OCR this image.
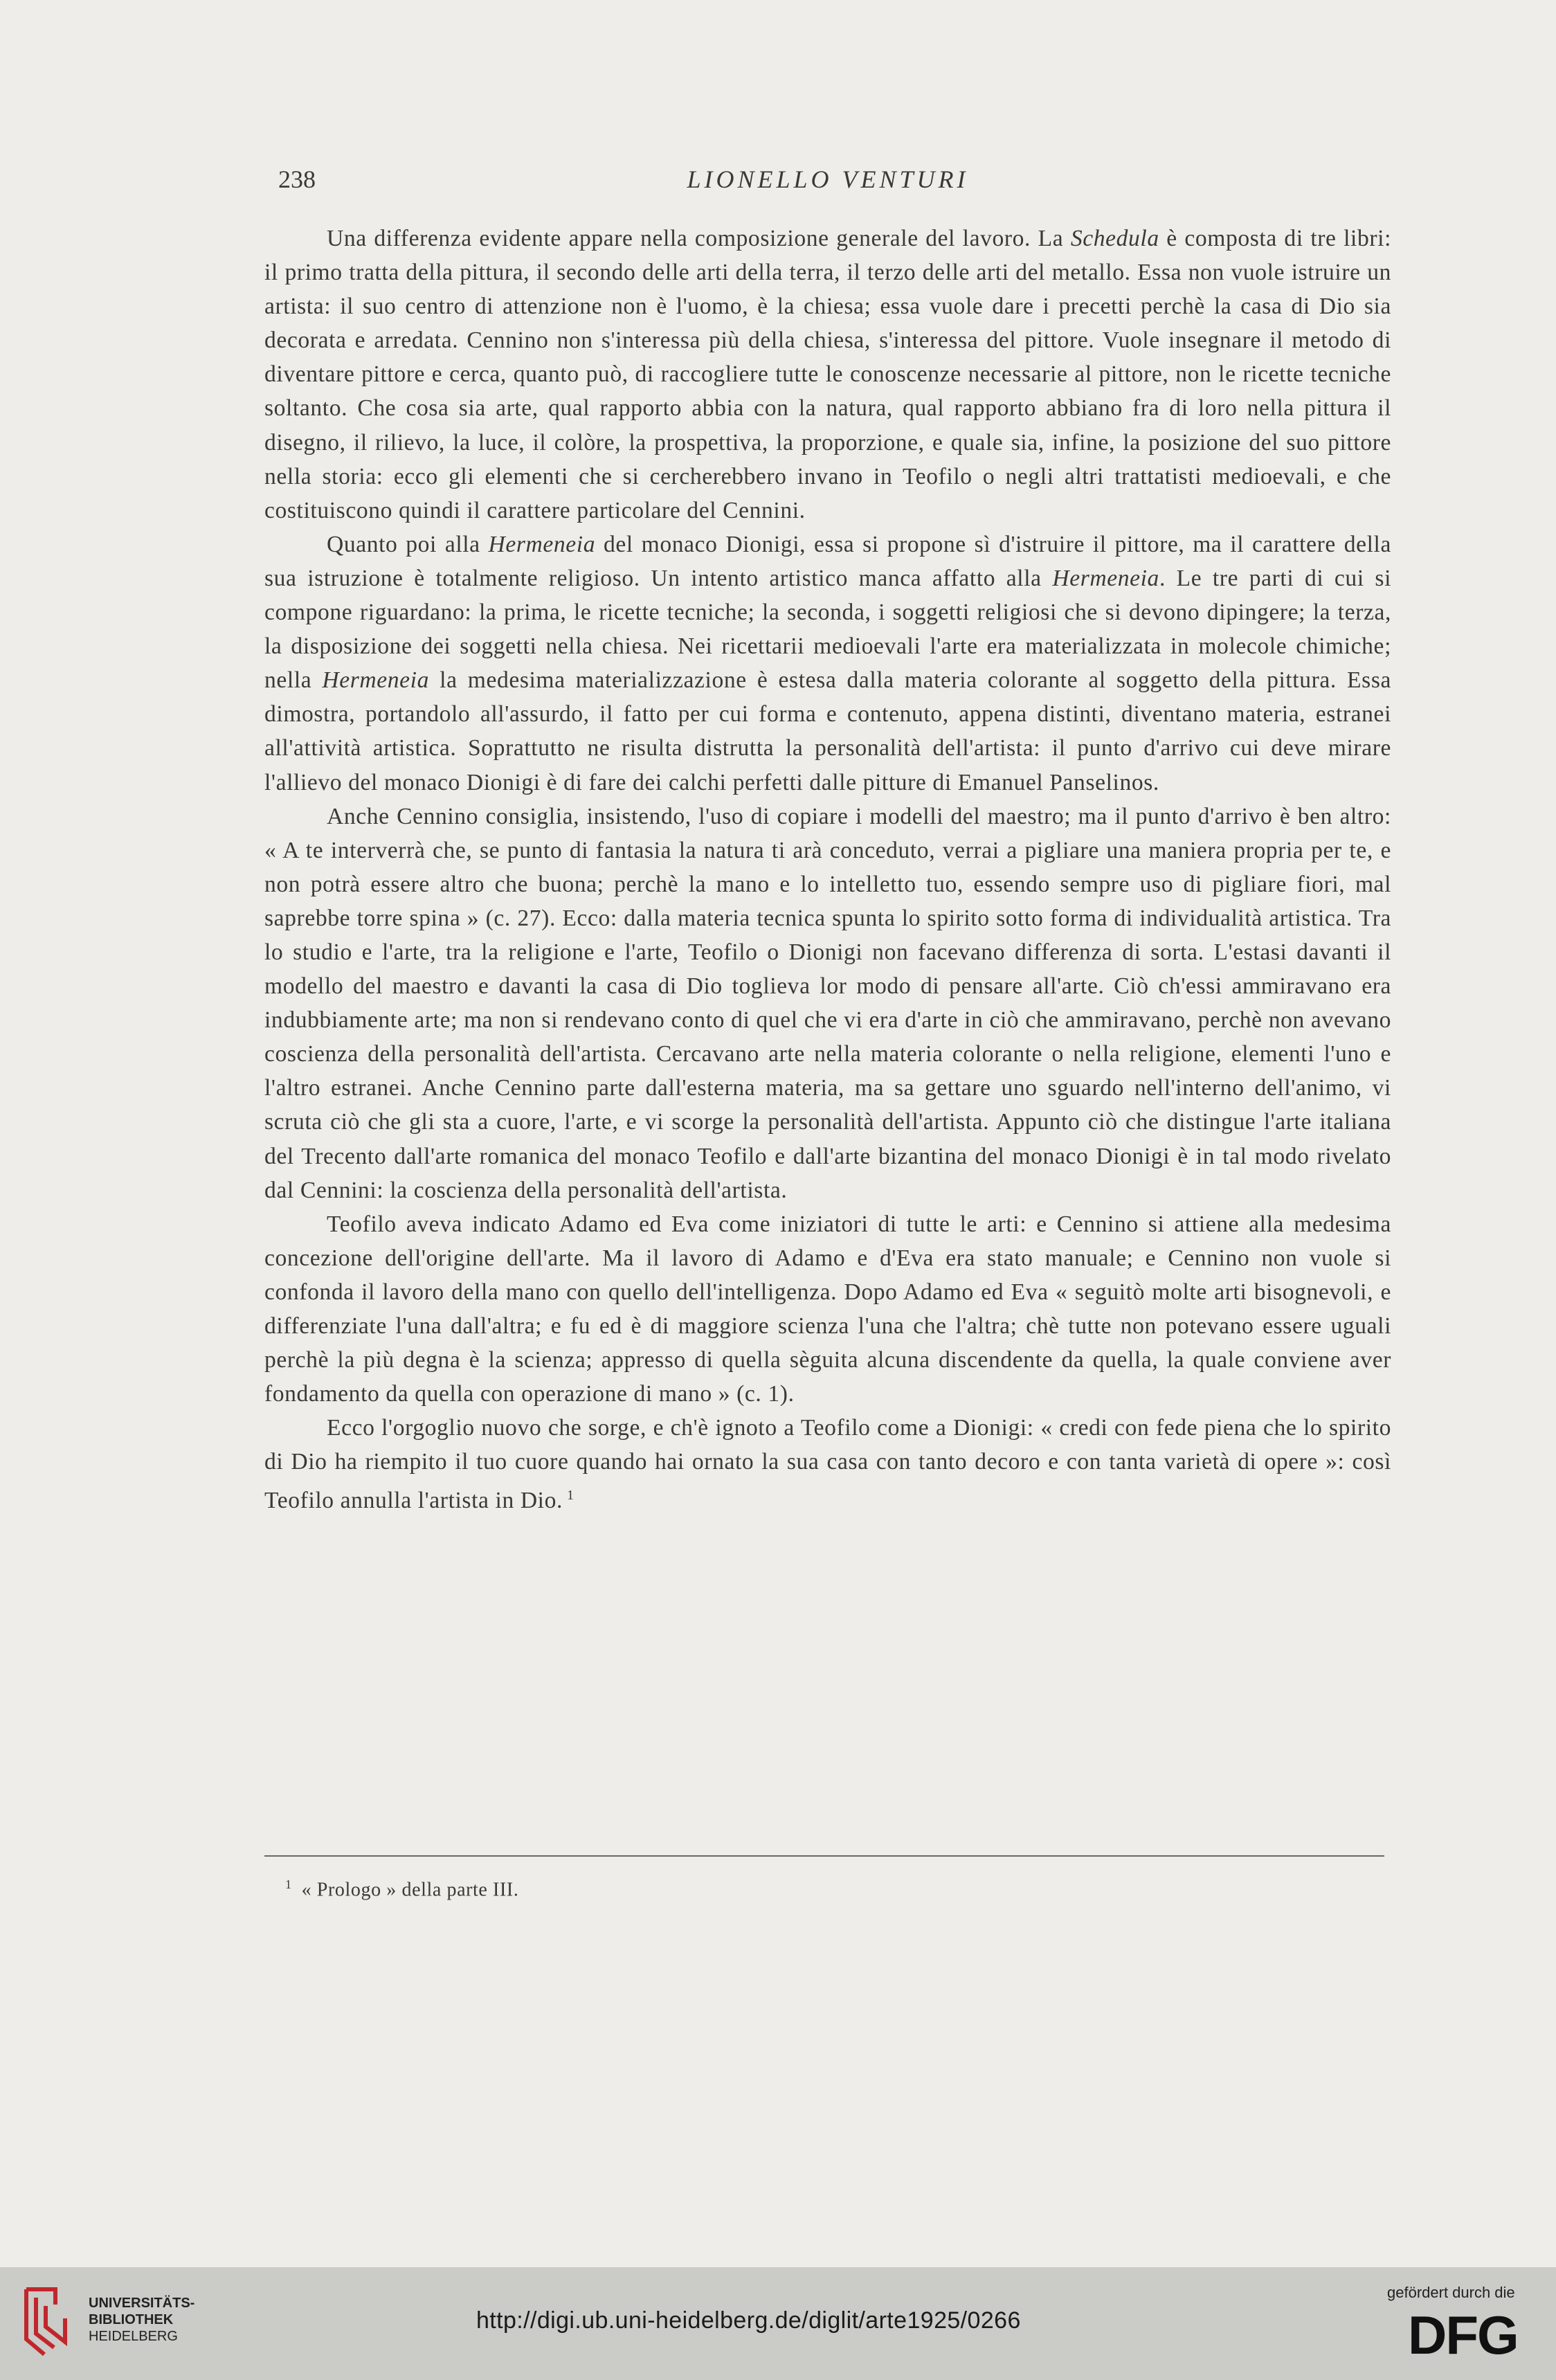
238	LIONELLO VENTURI

Una differenza evidente appare nella composizione generale del lavoro. La Schedula è composta di tre libri: il primo tratta della pittura, il secondo delle arti della terra, il terzo delle arti del metallo. Essa non vuole istruire un artista: il suo centro di attenzione non è l'uomo, è la chiesa; essa vuole dare i precetti perchè la casa di Dio sia decorata e arredata. Cennino non s'interessa più della chiesa, s'interessa del pittore. Vuole insegnare il metodo di diventare pittore e cerca, quanto può, di raccogliere tutte le conoscenze necessarie al pittore, non le ricette tecniche soltanto. Che cosa sia arte, qual rapporto abbia con la natura, qual rapporto abbiano fra di loro nella pittura il disegno, il rilievo, la luce, il colòre, la prospettiva, la proporzione, e quale sia, infine, la posizione del suo pittore nella storia: ecco gli elementi che si cercherebbero invano in Teofilo o negli altri trattatisti medioevali, e che costituiscono quindi il carattere particolare del Cennini.

Quanto poi alla Hermeneia del monaco Dionigi, essa si propone sì d'istruire il pittore, ma il carattere della sua istruzione è totalmente religioso. Un intento artistico manca affatto alla Hermeneia. Le tre parti di cui si compone riguardano: la prima, le ricette tecniche; la seconda, i soggetti religiosi che si devono dipingere; la terza, la disposizione dei soggetti nella chiesa. Nei ricettarii medioevali l'arte era materializzata in molecole chimiche; nella Hermeneia la medesima materializzazione è estesa dalla materia colorante al soggetto della pittura. Essa dimostra, portandolo all'assurdo, il fatto per cui forma e contenuto, appena distinti, diventano materia, estranei all'attività artistica. Soprattutto ne risulta distrutta la personalità dell'artista: il punto d'arrivo cui deve mirare l'allievo del monaco Dionigi è di fare dei calchi perfetti dalle pitture di Emanuel Panselinos.

Anche Cennino consiglia, insistendo, l'uso di copiare i modelli del maestro; ma il punto d'arrivo è ben altro: « A te interverrà che, se punto di fantasia la natura ti arà conceduto, verrai a pigliare una maniera propria per te, e non potrà essere altro che buona; perchè la mano e lo intelletto tuo, essendo sempre uso di pigliare fiori, mal saprebbe torre spina » (c. 27). Ecco: dalla materia tecnica spunta lo spirito sotto forma di individualità artistica. Tra lo studio e l'arte, tra la religione e l'arte, Teofilo o Dionigi non facevano differenza di sorta. L'estasi davanti il modello del maestro e davanti la casa di Dio toglieva lor modo di pensare all'arte. Ciò ch'essi ammiravano era indubbiamente arte; ma non si rendevano conto di quel che vi era d'arte in ciò che ammiravano, perchè non avevano coscienza della personalità dell'artista. Cercavano arte nella materia colorante o nella religione, elementi l'uno e l'altro estranei. Anche Cennino parte dall'esterna materia, ma sa gettare uno sguardo nell'interno dell'animo, vi scruta ciò che gli sta a cuore, l'arte, e vi scorge la personalità dell'artista. Appunto ciò che distingue l'arte italiana del Trecento dall'arte romanica del monaco Teofilo e dall'arte bizantina del monaco Dionigi è in tal modo rivelato dal Cennini: la coscienza della personalità dell'artista.

Teofilo aveva indicato Adamo ed Eva come iniziatori di tutte le arti: e Cennino si attiene alla medesima concezione dell'origine dell'arte. Ma il lavoro di Adamo e d'Eva era stato manuale; e Cennino non vuole si confonda il lavoro della mano con quello dell'intelligenza. Dopo Adamo ed Eva « seguitò molte arti bisognevoli, e differenziate l'una dall'altra; e fu ed è di maggiore scienza l'una che l'altra; chè tutte non potevano essere uguali perchè la più degna è la scienza; appresso di quella sèguita alcuna discendente da quella, la quale conviene aver fondamento da quella con operazione di mano » (c. 1).

Ecco l'orgoglio nuovo che sorge, e ch'è ignoto a Teofilo come a Dionigi: « credi con fede piena che lo spirito di Dio ha riempito il tuo cuore quando hai ornato la sua casa con tanto decoro e con tanta varietà di opere »: così Teofilo annulla l'artista in Dio. $^1$

$^1$ « Prologo » della parte III.
UNIVERSITÄTS-
BIBLIOTHEK
HEIDELBERG
http://digi.ub.uni-heidelberg.de/diglit/arte1925/0266
gefördert durch die
DFG
